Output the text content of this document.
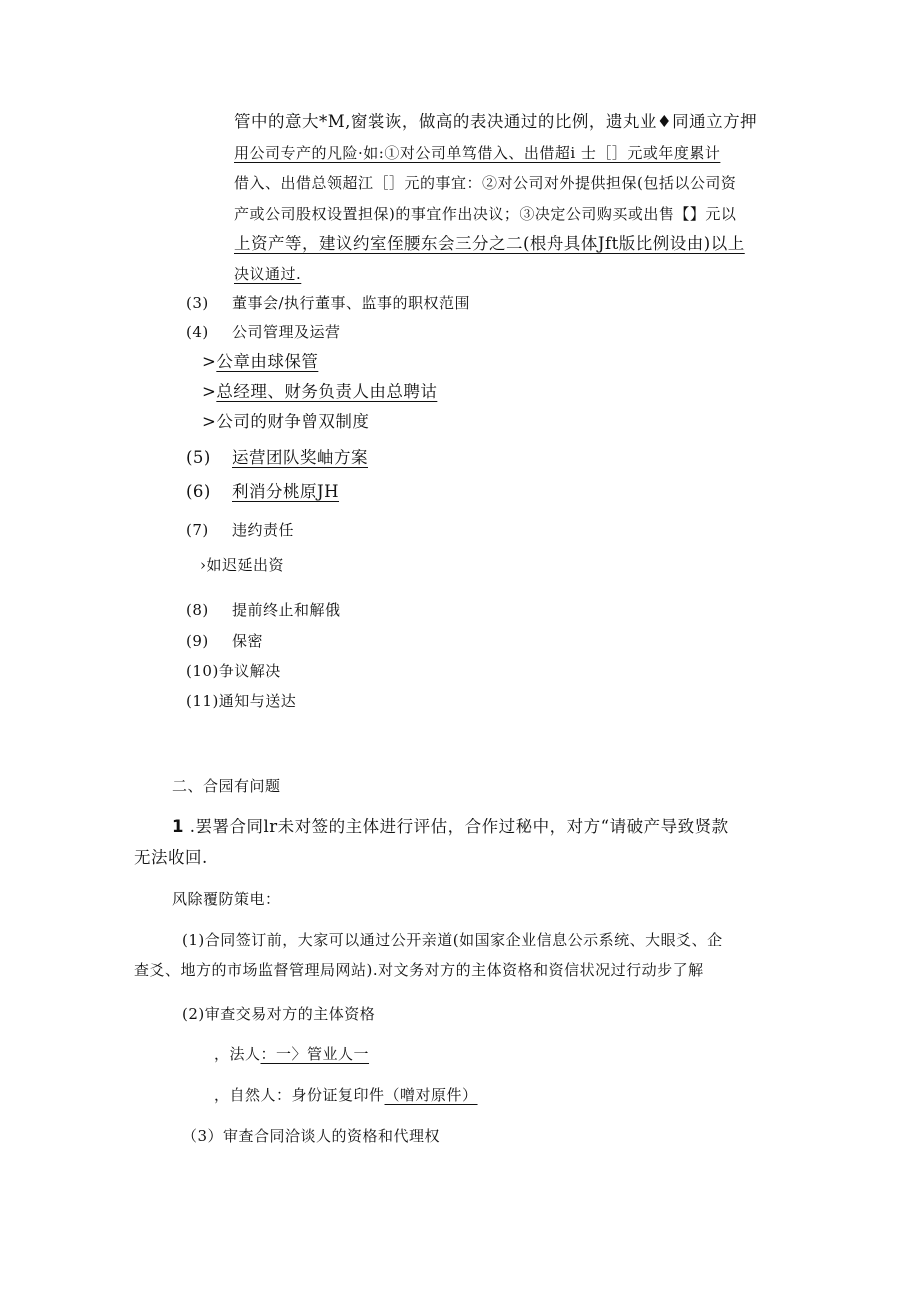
管中的意大*M,窗裳诙，做高的表决通过的比例，遗丸业♦同通立方押
用公司专产的凡险·如:①对公司单笃借入、出借超i 士［］元或年度累计
借入、出借总领超江［］元的事宜：②对公司对外提供担保(包括以公司资
产或公司股权设置担保)的事宜作出决议；③决定公司购买或出售【】元以
上资产等，建议约室侄腰东会三分之二(根舟具体Jft版比例设由)以上
决议通过.
(3) 董事会/执行董事、监事的职权范围
(4) 公司管理及运营
>公章由球保管
>总经理、财务负责人由总聘诂
>公司的财争曾双制度
(5) 运营团队奖岫方案
(6) 利消分桃原JH
(7) 违约责任
›如迟延出资
(8) 提前终止和解俄
(9) 保密
(10)争议解决
(11)通知与送达
二、合园有问题
1 .罢署合同lr未对签的主体进行评估，合作过秘中，对方“请破产导致贤款
无法收回.
风除覆防策电：
(1)合同签订前，大家可以通过公开亲道(如国家企业信息公示系统、大眼爻、企
查爻、地方的市场监督管理局网站).对文务对方的主体资格和资信状况过行动步了解
(2)审查交易对方的主体资格
，法人：一〉管业人一
，自然人：身份证复印件（噌对原件）
（3）审查合同洽谈人的资格和代理权
